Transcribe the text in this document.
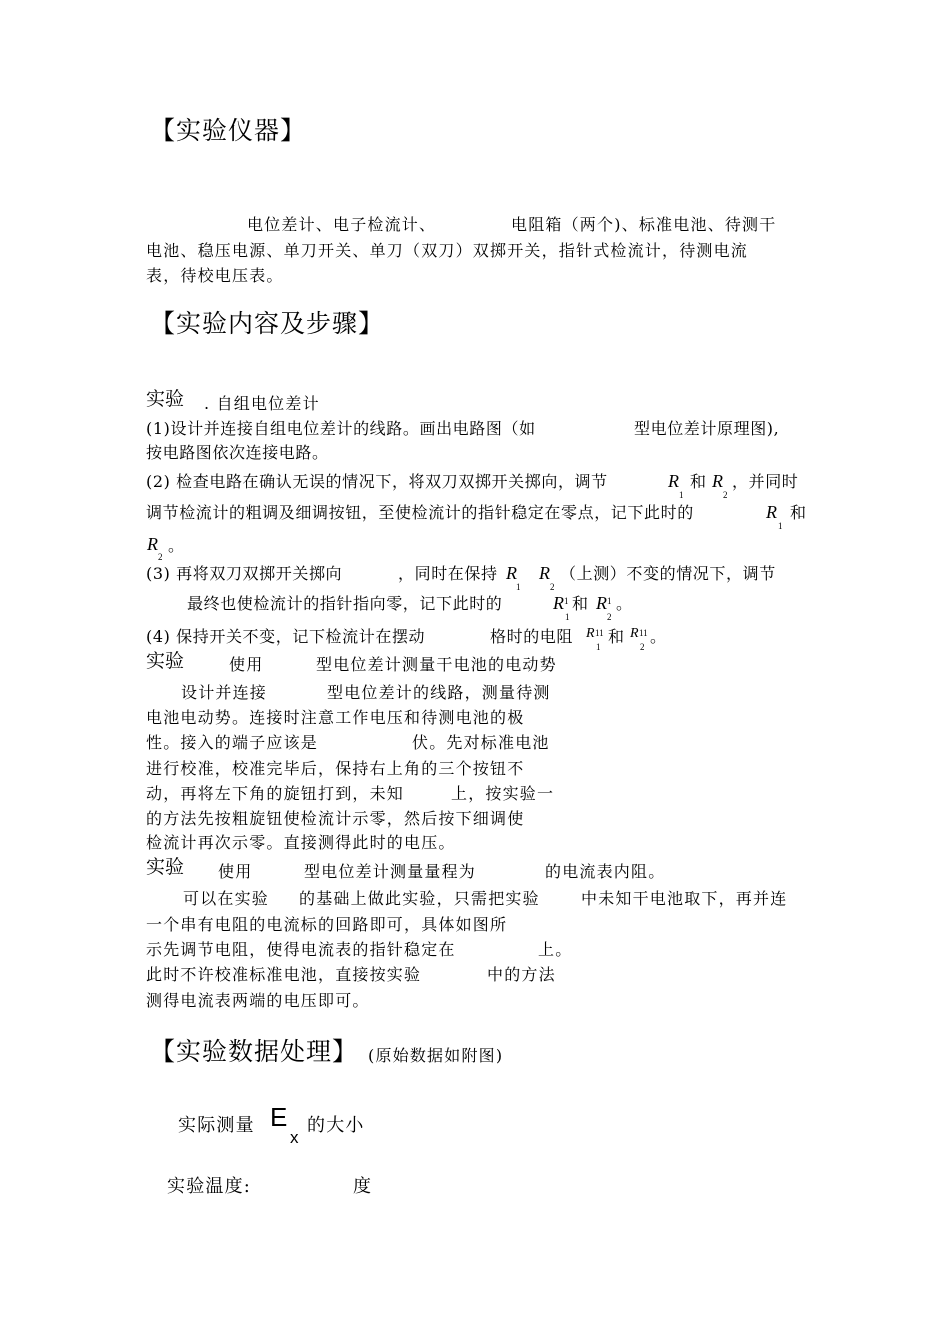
【实验仪器】
电位差计、电子检流计、	电阻箱（两个)、标准电池、待测干
电池、稳压电源、单刀开关、单刀（双刀）双掷开关，指针式检流计，待测电流
表，待校电压表。
【实验内容及步骤】
实验 . 自组电位差计
(1)设计并连接自组电位差计的线路。画出电路图（如	型电位差计原理图),
按电路图依次连接电路。
(2) 检查电路在确认无误的情况下，将双刀双掷开关掷向，调节	R
1
和 R
2
，并同时
调节检流计的粗调及细调按钮，至使检流计的指针稳定在零点，记下此时的	R
1
和
R
2
。
(3) 再将双刀双掷开关掷向	，同时在保持 R
1
R
2
（上测）不变的情况下，调节
最终也使检流计的指针指向零，记下此时的	R 1
1
和 R 1
2
。
(4) 保持开关不变，记下检流计在摆动	格时的电阻 R 11
1
和 R 11
2
。
实验	使用	型电位差计测量干电池的电动势
设计并连接	型电位差计的线路，测量待测
电池电动势。连接时注意工作电压和待测电池的极
性。接入的端子应该是	伏。先对标准电池
进行校准，校准完毕后，保持右上角的三个按钮不
动，再将左下角的旋钮打到，未知	上，按实验一
的方法先按粗旋钮使检流计示零，然后按下细调使
检流计再次示零。直接测得此时的电压。
实验 使用	型电位差计测量量程为	的电流表内阻。
可以在实验 的基础上做此实验，只需把实验	中未知干电池取下，再并连
一个串有电阻的电流标的回路即可，具体如图所
示先调节电阻，使得电流表的指针稳定在	上。
此时不许校准标准电池，直接按实验	中的方法
测得电流表两端的电压即可。
【实验数据处理】 (原始数据如附图)
实际测量 E
x
的大小
实验温度:	度
